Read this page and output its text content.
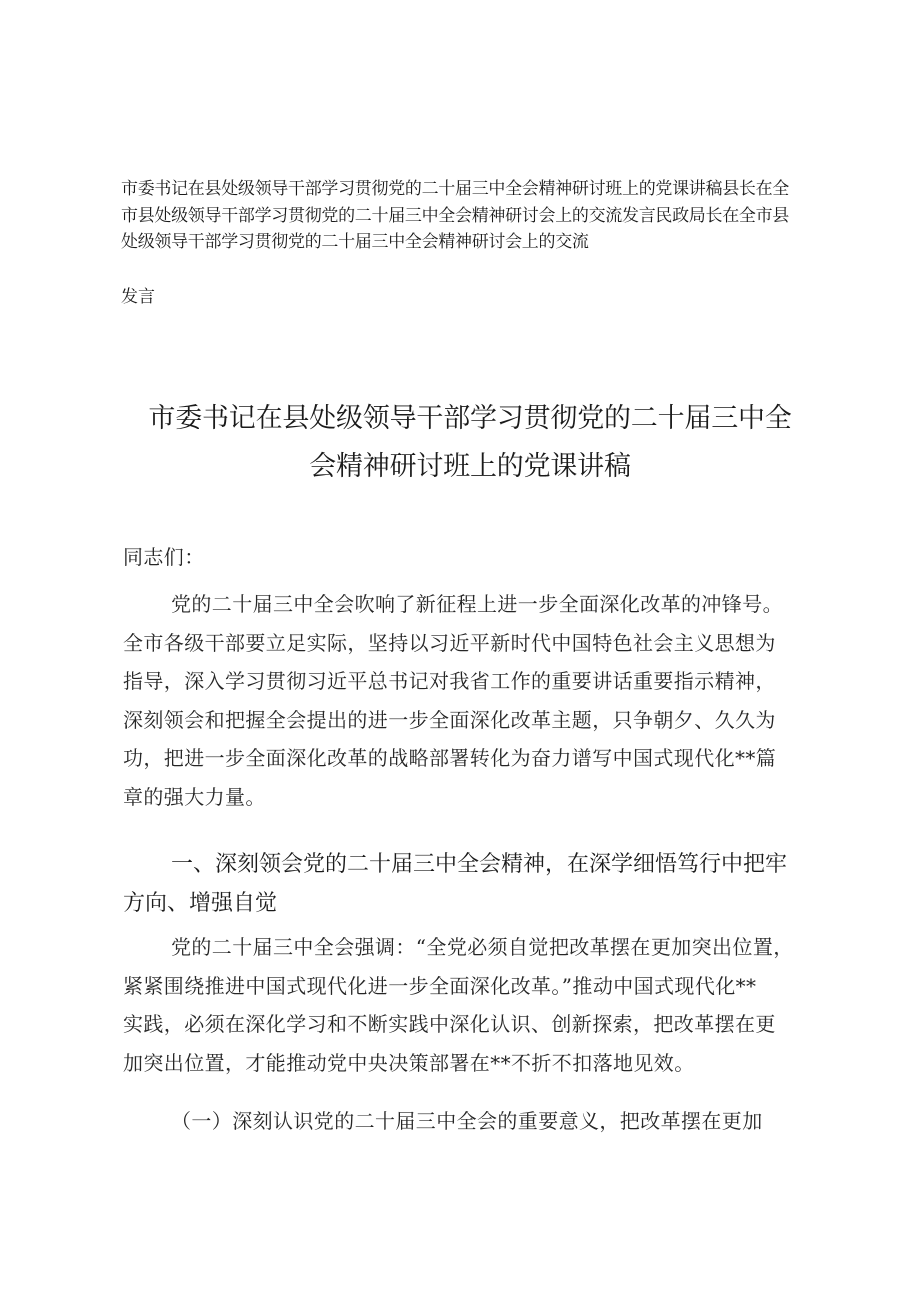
市委书记在县处级领导干部学习贯彻党的二十届三中全会精神研讨班上的党课讲稿县长在全
市县处级领导干部学习贯彻党的二十届三中全会精神研讨会上的交流发言民政局长在全市县
处级领导干部学习贯彻党的二十届三中全会精神研讨会上的交流
发言
市委书记在县处级领导干部学习贯彻党的二十届三中全
会精神研讨班上的党课讲稿
同志们：
党的二十届三中全会吹响了新征程上进一步全面深化改革的冲锋号。
全市各级干部要立足实际，坚持以习近平新时代中国特色社会主义思想为
指导，深入学习贯彻习近平总书记对我省工作的重要讲话重要指示精神，
深刻领会和把握全会提出的进一步全面深化改革主题，只争朝夕、久久为
功，把进一步全面深化改革的战略部署转化为奋力谱写中国式现代化**篇
章的强大力量。
一、深刻领会党的二十届三中全会精神，在深学细悟笃行中把牢
方向、增强自觉
党的二十届三中全会强调：“全党必须自觉把改革摆在更加突出位置，
紧紧围绕推进中国式现代化进一步全面深化改革。”推动中国式现代化**
实践，必须在深化学习和不断实践中深化认识、创新探索，把改革摆在更
加突出位置，才能推动党中央决策部署在**不折不扣落地见效。
（一）深刻认识党的二十届三中全会的重要意义，把改革摆在更加
